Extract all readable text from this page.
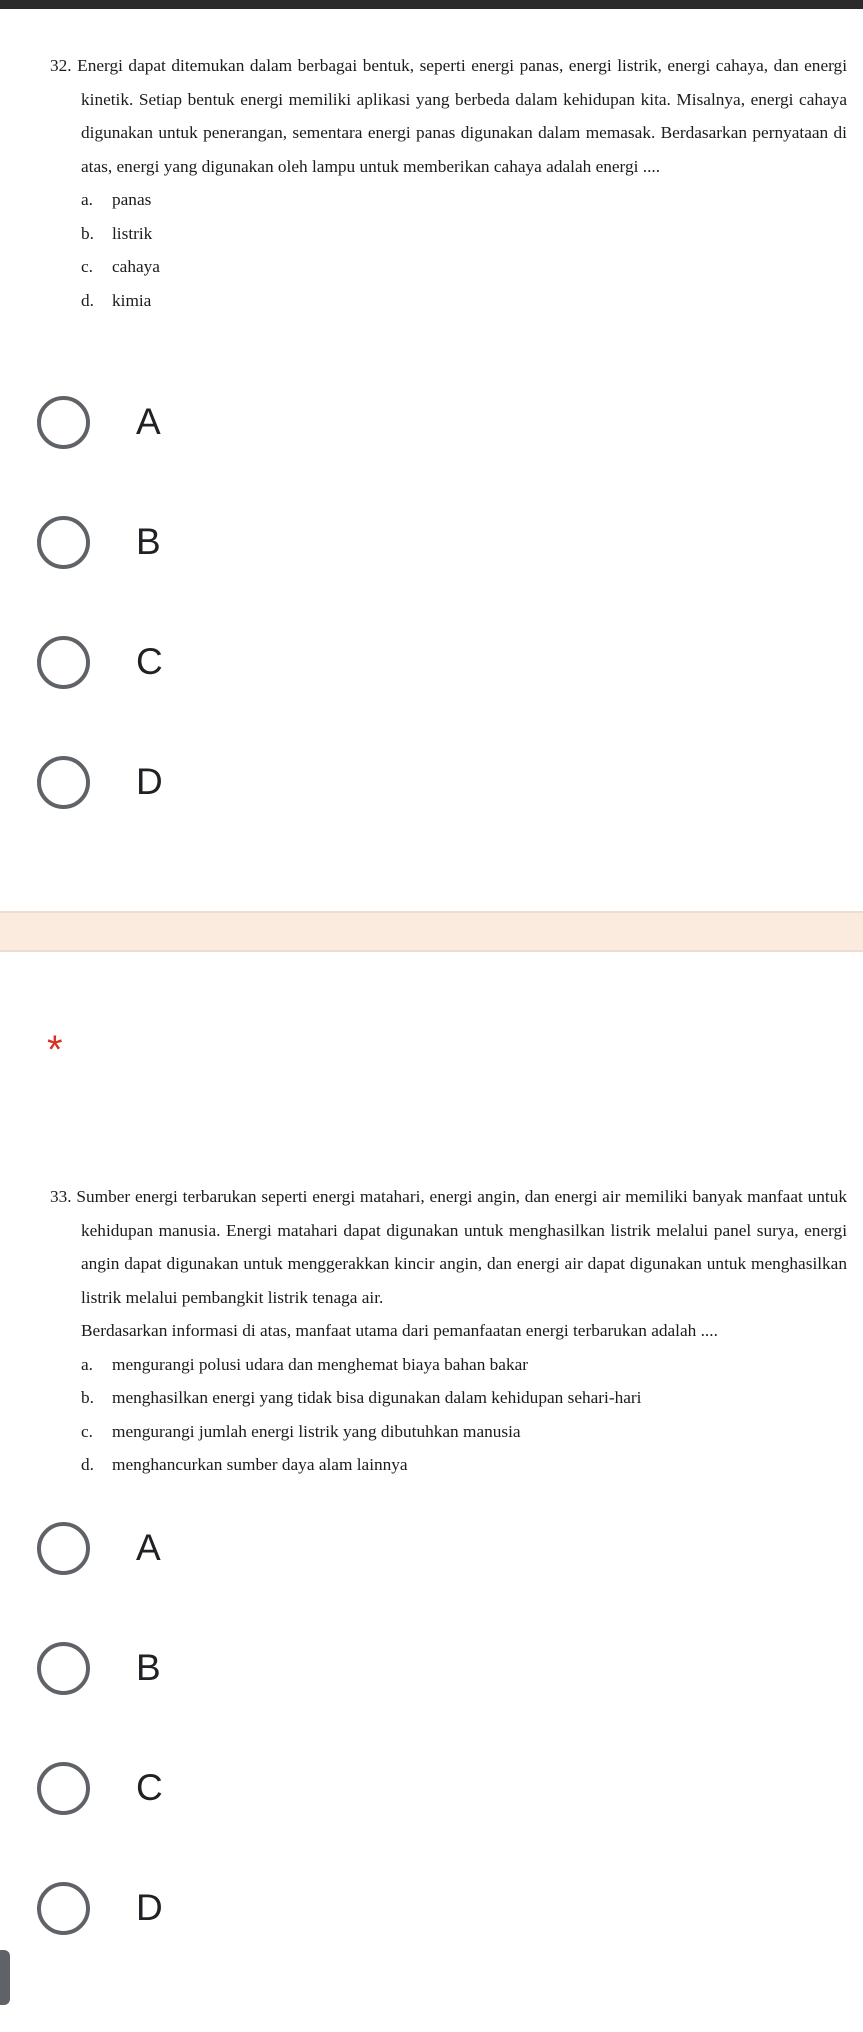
32. Energi dapat ditemukan dalam berbagai bentuk, seperti energi panas, energi listrik, energi cahaya, dan energi kinetik. Setiap bentuk energi memiliki aplikasi yang berbeda dalam kehidupan kita. Misalnya, energi cahaya digunakan untuk penerangan, sementara energi panas digunakan dalam memasak. Berdasarkan pernyataan di atas, energi yang digunakan oleh lampu untuk memberikan cahaya adalah energi ....

a.	panas
b.	listrik
c.	cahaya
d.	kimia
A
B
C
D
*

33. Sumber energi terbarukan seperti energi matahari, energi angin, dan energi air memiliki banyak manfaat untuk kehidupan manusia. Energi matahari dapat digunakan untuk menghasilkan listrik melalui panel surya, energi angin dapat digunakan untuk menggerakkan kincir angin, dan energi air dapat digunakan untuk menghasilkan listrik melalui pembangkit listrik tenaga air.

Berdasarkan informasi di atas, manfaat utama dari pemanfaatan energi terbarukan adalah ....

a.	mengurangi polusi udara dan menghemat biaya bahan bakar
b.	menghasilkan energi yang tidak bisa digunakan dalam kehidupan sehari-hari
c.	mengurangi jumlah energi listrik yang dibutuhkan manusia
d.	menghancurkan sumber daya alam lainnya
A
B
C
D
